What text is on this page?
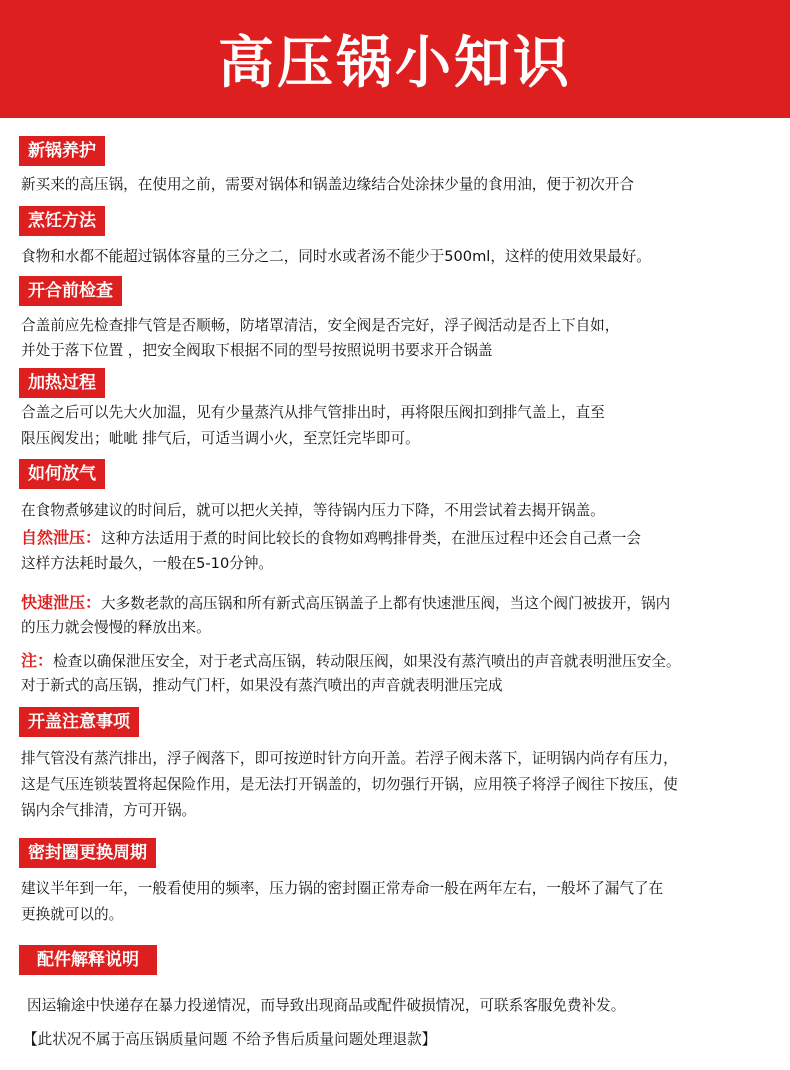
高压锅小知识
新锅养护
新买来的高压锅，在使用之前，需要对锅体和锅盖边缘结合处涂抹少量的食用油，便于初次开合
烹饪方法
食物和水都不能超过锅体容量的三分之二，同时水或者汤不能少于500ml，这样的使用效果最好。
开合前检查
合盖前应先检查排气管是否顺畅，防堵罩清洁，安全阀是否完好，浮子阀活动是否上下自如，
并处于落下位置 ，把安全阀取下根据不同的型号按照说明书要求开合锅盖
加热过程
合盖之后可以先大火加温，见有少量蒸汽从排气管排出时，再将限压阀扣到排气盖上，直至
限压阀发出；呲呲 排气后，可适当调小火，至烹饪完毕即可。
如何放气
在食物煮够建议的时间后，就可以把火关掉，等待锅内压力下降，不用尝试着去揭开锅盖。
自然泄压：这种方法适用于煮的时间比较长的食物如鸡鸭排骨类，在泄压过程中还会自己煮一会
这样方法耗时最久，一般在5-10分钟。
快速泄压：大多数老款的高压锅和所有新式高压锅盖子上都有快速泄压阀，当这个阀门被拔开，锅内
的压力就会慢慢的释放出来。
注：检查以确保泄压安全，对于老式高压锅，转动限压阀，如果没有蒸汽喷出的声音就表明泄压安全。
对于新式的高压锅，推动气门杆，如果没有蒸汽喷出的声音就表明泄压完成
开盖注意事项
排气管没有蒸汽排出，浮子阀落下，即可按逆时针方向开盖。若浮子阀未落下，证明锅内尚存有压力，
这是气压连锁装置将起保险作用，是无法打开锅盖的，切勿强行开锅，应用筷子将浮子阀往下按压，使
锅内余气排清，方可开锅。
密封圈更换周期
建议半年到一年，一般看使用的频率，压力锅的密封圈正常寿命一般在两年左右，一般坏了漏气了在
更换就可以的。
配件解释说明
因运输途中快递存在暴力投递情况，而导致出现商品或配件破损情况，可联系客服免费补发。
【此状况不属于高压锅质量问题 不给予售后质量问题处理退款】
